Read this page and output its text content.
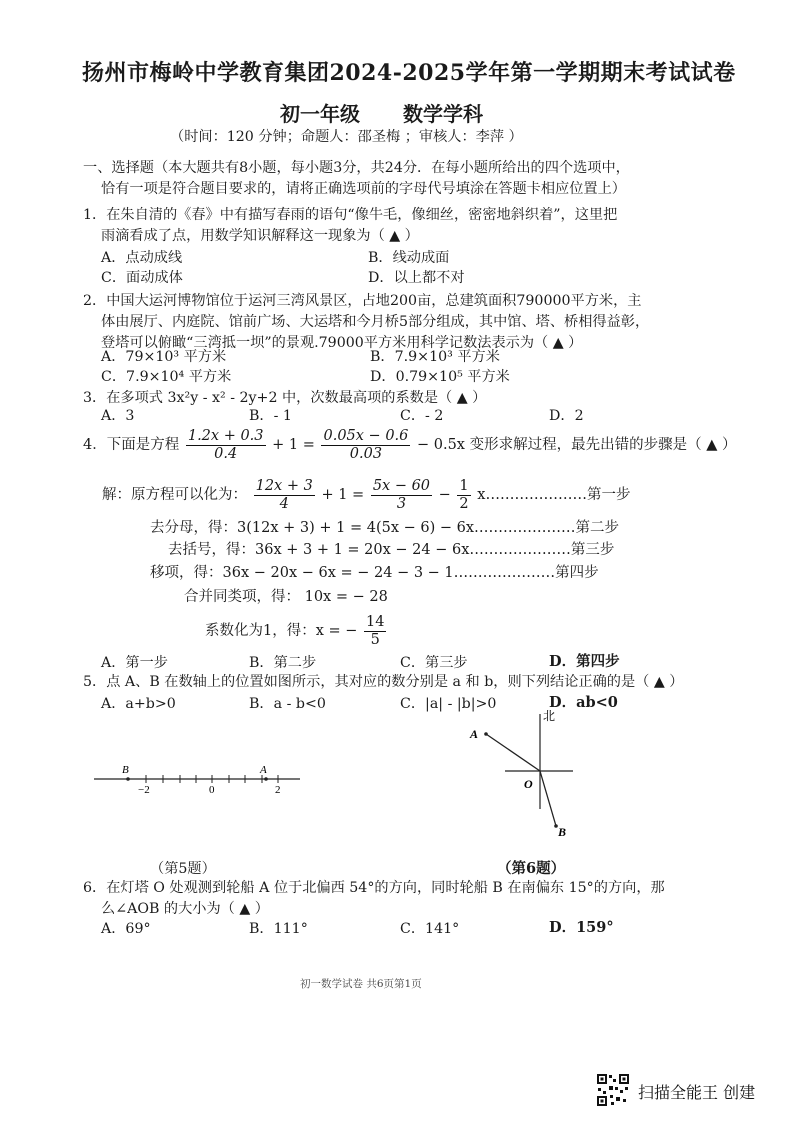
扬州市梅岭中学教育集团2024-2025学年第一学期期末考试试卷
初一年级 数学学科
（时间：120 分钟；命题人：邵圣梅 ；审核人：李萍 ）
一、选择题（本大题共有8小题，每小题3分，共24分．在每小题所给出的四个选项中，
恰有一项是符合题目要求的，请将正确选项前的字母代号填涂在答题卡相应位置上）
1．在朱自清的《春》中有描写春雨的语句“像牛毛，像细丝，密密地斜织着”，这里把
雨滴看成了点，用数学知识解释这一现象为（ ▲ ）
A．点动成线	B．线动成面
C．面动成体	D．以上都不对
2．中国大运河博物馆位于运河三湾风景区，占地200亩，总建筑面积790000平方米，主
体由展厅、内庭院、馆前广场、大运塔和今月桥5部分组成，其中馆、塔、桥相得益彰，
登塔可以俯瞰“三湾抵一坝”的景观.79000平方米用科学记数法表示为（ ▲ ）
A．79×10³ 平方米	B．7.9×10³ 平方米
C．7.9×10⁴ 平方米	D．0.79×10⁵ 平方米
3．在多项式 3x²y - x² - 2y+2 中，次数最高项的系数是（ ▲ ）
A．3	B．- 1	C．- 2	D．2
4．下面是方程 $\frac{1.2x + 0.3}{0.4} + 1 = \frac{0.05x - 0.6}{0.03} - 0.5x$ 变形求解过程，最先出错的步骤是（ ▲ ）
解：原方程可以化为： $\frac{12x + 3}{4} + 1 = \frac{5x - 60}{3} - \frac{1}{2}$ x…………………第一步
去分母，得：3(12x + 3) + 1 = 4(5x − 6) − 6x…………………第二步
去括号，得：36x + 3 + 1 = 20x − 24 − 6x…………………第三步
移项，得：36x − 20x − 6x = − 24 − 3 − 1…………………第四步
合并同类项，得： 10x = − 28
系数化为1，得：x = − $\frac{14}{5}$
A．第一步	B．第二步	C．第三步	D．第四步
5．点 A、B 在数轴上的位置如图所示，其对应的数分别是 a 和 b，则下列结论正确的是（ ▲ ）
A．a+b>0	B．a - b<0	C．|a| - |b|>0	D．ab<0
B	A
−2	0	2
（第5题）
北
A
O
B
（第6题）
6．在灯塔 O 处观测到轮船 A 位于北偏西 54°的方向，同时轮船 B 在南偏东 15°的方向，那
么∠AOB 的大小为（ ▲ ）
A．69°	B．111°	C．141°	D．159°
初一数学试卷 共6页第1页
扫描全能王 创建
